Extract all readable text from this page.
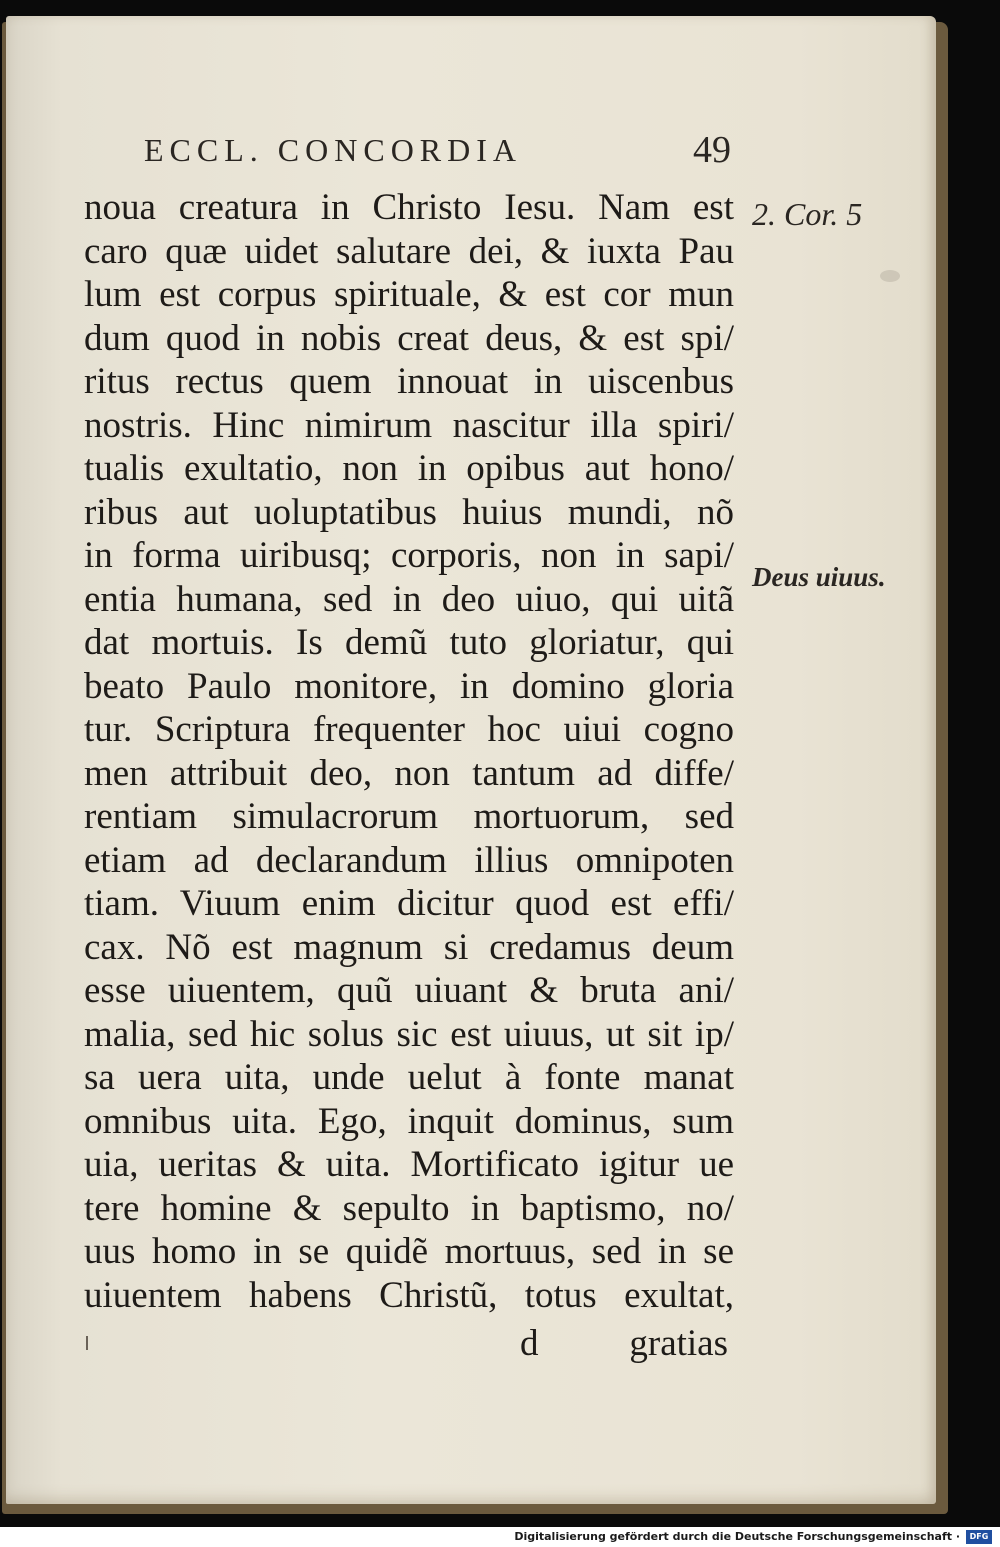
ECCL. CONCORDIA	49
noua creatura in Christo Iesu. Nam est
caro quæ uidet salutare dei, & iuxta Pau
lum est corpus spirituale, & est cor mun
dum quod in nobis creat deus, & est spi/
ritus rectus quem innouat in uiscenbus
nostris. Hinc nimirum nascitur illa spiri/
tualis exultatio, non in opibus aut hono/
ribus aut uoluptatibus huius mundi, nõ
in forma uiribusq; corporis, non in sapi/
entia humana, sed in deo uiuo, qui uitã
dat mortuis. Is demũ tuto gloriatur, qui
beato Paulo monitore, in domino gloria
tur. Scriptura frequenter hoc uiui cogno
men attribuit deo, non tantum ad diffe/
rentiam simulacrorum mortuorum, sed
etiam ad declarandum illius omnipoten
tiam. Viuum enim dicitur quod est effi/
cax. Nõ est magnum si credamus deum
esse uiuentem, quũ uiuant & bruta ani/
malia, sed hic solus sic est uiuus, ut sit ip/
sa uera uita, unde uelut à fonte manat
omnibus uita. Ego, inquit dominus, sum
uia, ueritas & uita. Mortificato igitur ue
tere homine & sepulto in baptismo, no/
uus homo in se quidẽ mortuus, sed in se
uiuentem habens Christũ, totus exultat,
d gratias
2. Cor. 5
Deus uiuus.
Digitalisierung gefördert durch die Deutsche Forschungsgemeinschaft ·	DFG
